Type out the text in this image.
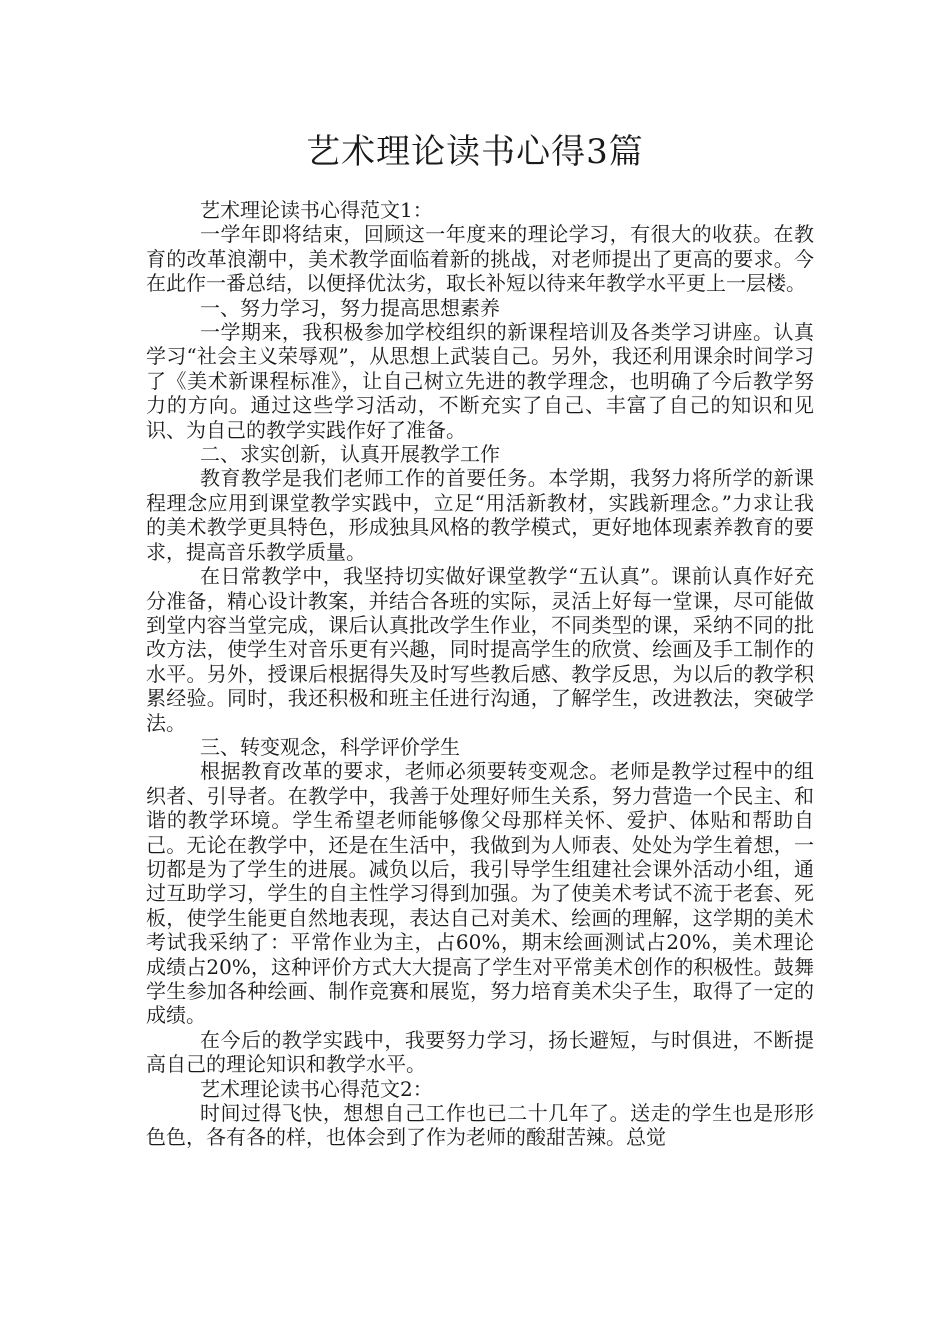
艺术理论读书心得3篇

艺术理论读书心得范文1：

一学年即将结束，回顾这一年度来的理论学习，有很大的收获。在教育的改革浪潮中，美术教学面临着新的挑战，对老师提出了更高的要求。今在此作一番总结，以便择优汰劣，取长补短以待来年教学水平更上一层楼。

一、努力学习，努力提高思想素养

一学期来，我积极参加学校组织的新课程培训及各类学习讲座。认真学习“社会主义荣辱观”，从思想上武装自己。另外，我还利用课余时间学习了《美术新课程标准》，让自己树立先进的教学理念，也明确了今后教学努力的方向。通过这些学习活动，不断充实了自己、丰富了自己的知识和见识、为自己的教学实践作好了准备。

二、求实创新，认真开展教学工作

教育教学是我们老师工作的首要任务。本学期，我努力将所学的新课程理念应用到课堂教学实践中，立足“用活新教材，实践新理念。”力求让我的美术教学更具特色，形成独具风格的教学模式，更好地体现素养教育的要求，提高音乐教学质量。

在日常教学中，我坚持切实做好课堂教学“五认真”。课前认真作好充分准备，精心设计教案，并结合各班的实际，灵活上好每一堂课，尽可能做到堂内容当堂完成，课后认真批改学生作业，不同类型的课，采纳不同的批改方法，使学生对音乐更有兴趣，同时提高学生的欣赏、绘画及手工制作的水平。另外，授课后根据得失及时写些教后感、教学反思，为以后的教学积累经验。同时，我还积极和班主任进行沟通，了解学生，改进教法，突破学法。

三、转变观念，科学评价学生

根据教育改革的要求，老师必须要转变观念。老师是教学过程中的组织者、引导者。在教学中，我善于处理好师生关系，努力营造一个民主、和谐的教学环境。学生希望老师能够像父母那样关怀、爱护、体贴和帮助自己。无论在教学中，还是在生活中，我做到为人师表、处处为学生着想，一切都是为了学生的进展。减负以后，我引导学生组建社会课外活动小组，通过互助学习，学生的自主性学习得到加强。为了使美术考试不流于老套、死板，使学生能更自然地表现，表达自己对美术、绘画的理解，这学期的美术考试我采纳了：平常作业为主，占60%，期末绘画测试占20%，美术理论成绩占20%，这种评价方式大大提高了学生对平常美术创作的积极性。鼓舞学生参加各种绘画、制作竞赛和展览，努力培育美术尖子生，取得了一定的成绩。

在今后的教学实践中，我要努力学习，扬长避短，与时俱进，不断提高自己的理论知识和教学水平。

艺术理论读书心得范文2：

时间过得飞快，想想自己工作也已二十几年了。送走的学生也是形形色色，各有各的样，也体会到了作为老师的酸甜苦辣。总觉
